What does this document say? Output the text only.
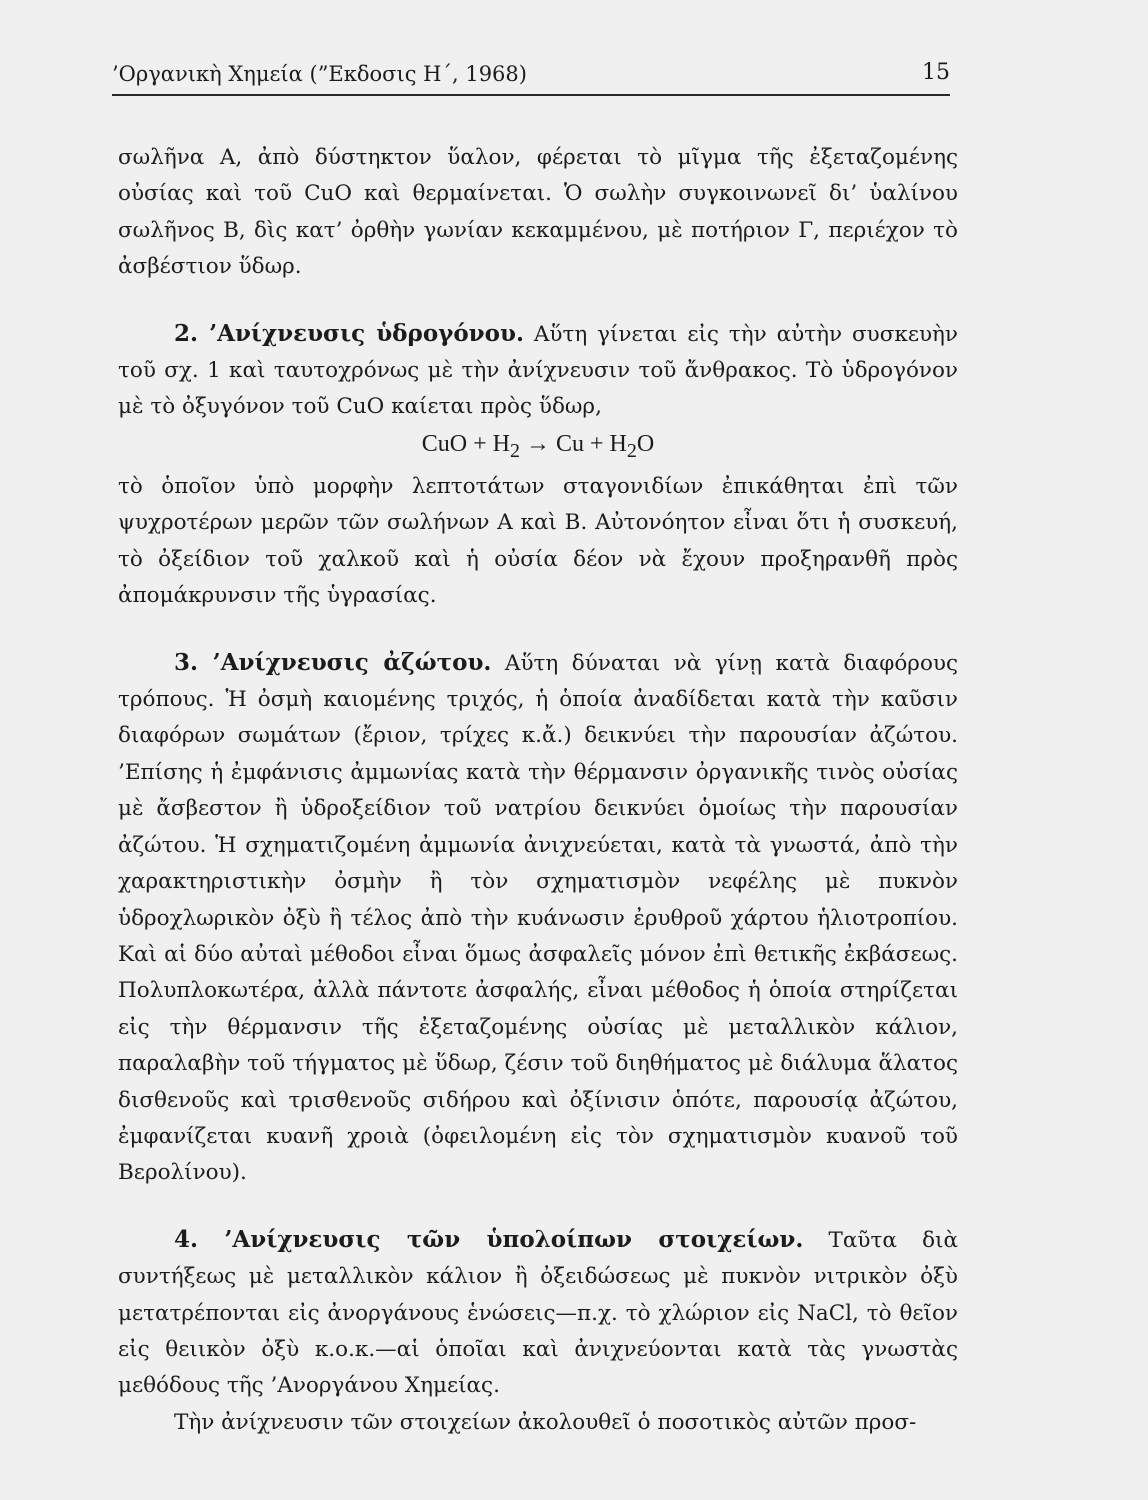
’Οργανικὴ Χημεία (”Εκδοσις Η΄, 1968)	15

σωλῆνα Α, ἀπὸ δύστηκτον ὕαλον, φέρεται τὸ μῖγμα τῆς ἐξεταζομένης οὐσίας καὶ τοῦ CuO καὶ θερμαίνεται. Ὁ σωλὴν συγκοινωνεῖ δι’ ὑαλίνου σωλῆνος Β, δὶς κατ’ ὀρθὴν γωνίαν κεκαμμένου, μὲ ποτήριον Γ, περιέχον τὸ ἀσβέστιον ὕδωρ.

2. ’Ανίχνευσις ὑδρογόνου. Αὕτη γίνεται εἰς τὴν αὐτὴν συσκευὴν τοῦ σχ. 1 καὶ ταυτοχρόνως μὲ τὴν ἀνίχνευσιν τοῦ ἄνθρακος. Τὸ ὑδρογόνον μὲ τὸ ὀξυγόνον τοῦ CuO καίεται πρὸς ὕδωρ,

CuO + $H_2 \to Cu + H_2O$

τὸ ὁποῖον ὑπὸ μορφὴν λεπτοτάτων σταγονιδίων ἐπικάθηται ἐπὶ τῶν ψυχροτέρων μερῶν τῶν σωλήνων Α καὶ Β. Αὐτονόητον εἶναι ὅτι ἡ συσκευή, τὸ ὀξείδιον τοῦ χαλκοῦ καὶ ἡ οὐσία δέον νὰ ἔχουν προξηρανθῆ πρὸς ἀπομάκρυνσιν τῆς ὑγρασίας.

3. ’Ανίχνευσις ἀζώτου. Αὕτη δύναται νὰ γίνῃ κατὰ διαφόρους τρόπους. Ἡ ὀσμὴ καιομένης τριχός, ἡ ὁποία ἀναδίδεται κατὰ τὴν καῦσιν διαφόρων σωμάτων (ἔριον, τρίχες κ.ἄ.) δεικνύει τὴν παρουσίαν ἀζώτου. ’Επίσης ἡ ἐμφάνισις ἀμμωνίας κατὰ τὴν θέρμανσιν ὀργανικῆς τινὸς οὐσίας μὲ ἄσβεστον ἢ ὑδροξείδιον τοῦ νατρίου δεικνύει ὁμοίως τὴν παρουσίαν ἀζώτου. Ἡ σχηματιζομένη ἀμμωνία ἀνιχνεύεται, κατὰ τὰ γνωστά, ἀπὸ τὴν χαρακτηριστικὴν ὀσμὴν ἢ τὸν σχηματισμὸν νεφέλης μὲ πυκνὸν ὑδροχλωρικὸν ὀξὺ ἢ τέλος ἀπὸ τὴν κυάνωσιν ἐρυθροῦ χάρτου ἡλιοτροπίου. Καὶ αἱ δύο αὐταὶ μέθοδοι εἶναι ὅμως ἀσφαλεῖς μόνον ἐπὶ θετικῆς ἐκβάσεως. Πολυπλοκωτέρα, ἀλλὰ πάντοτε ἀσφαλής, εἶναι μέθοδος ἡ ὁποία στηρίζεται εἰς τὴν θέρμανσιν τῆς ἐξεταζομένης οὐσίας μὲ μεταλλικὸν κάλιον, παραλαβὴν τοῦ τήγματος μὲ ὕδωρ, ζέσιν τοῦ διηθήματος μὲ διάλυμα ἅλατος δισθενοῦς καὶ τρισθενοῦς σιδήρου καὶ ὀξίνισιν ὁπότε, παρουσίᾳ ἀζώτου, ἐμφανίζεται κυανῆ χροιὰ (ὀφειλομένη εἰς τὸν σχηματισμὸν κυανοῦ τοῦ Βερολίνου).

4. ’Ανίχνευσις τῶν ὑπολοίπων στοιχείων. Ταῦτα διὰ συντήξεως μὲ μεταλλικὸν κάλιον ἢ ὀξειδώσεως μὲ πυκνὸν νιτρικὸν ὀξὺ μετατρέπονται εἰς ἀνοργάνους ἑνώσεις—π.χ. τὸ χλώριον εἰς NaCl, τὸ θεῖον εἰς θειικὸν ὀξὺ κ.ο.κ.—αἱ ὁποῖαι καὶ ἀνιχνεύονται κατὰ τὰς γνωστὰς μεθόδους τῆς ’Ανοργάνου Χημείας.

Τὴν ἀνίχνευσιν τῶν στοιχείων ἀκολουθεῖ ὁ ποσοτικὸς αὐτῶν προσ-
